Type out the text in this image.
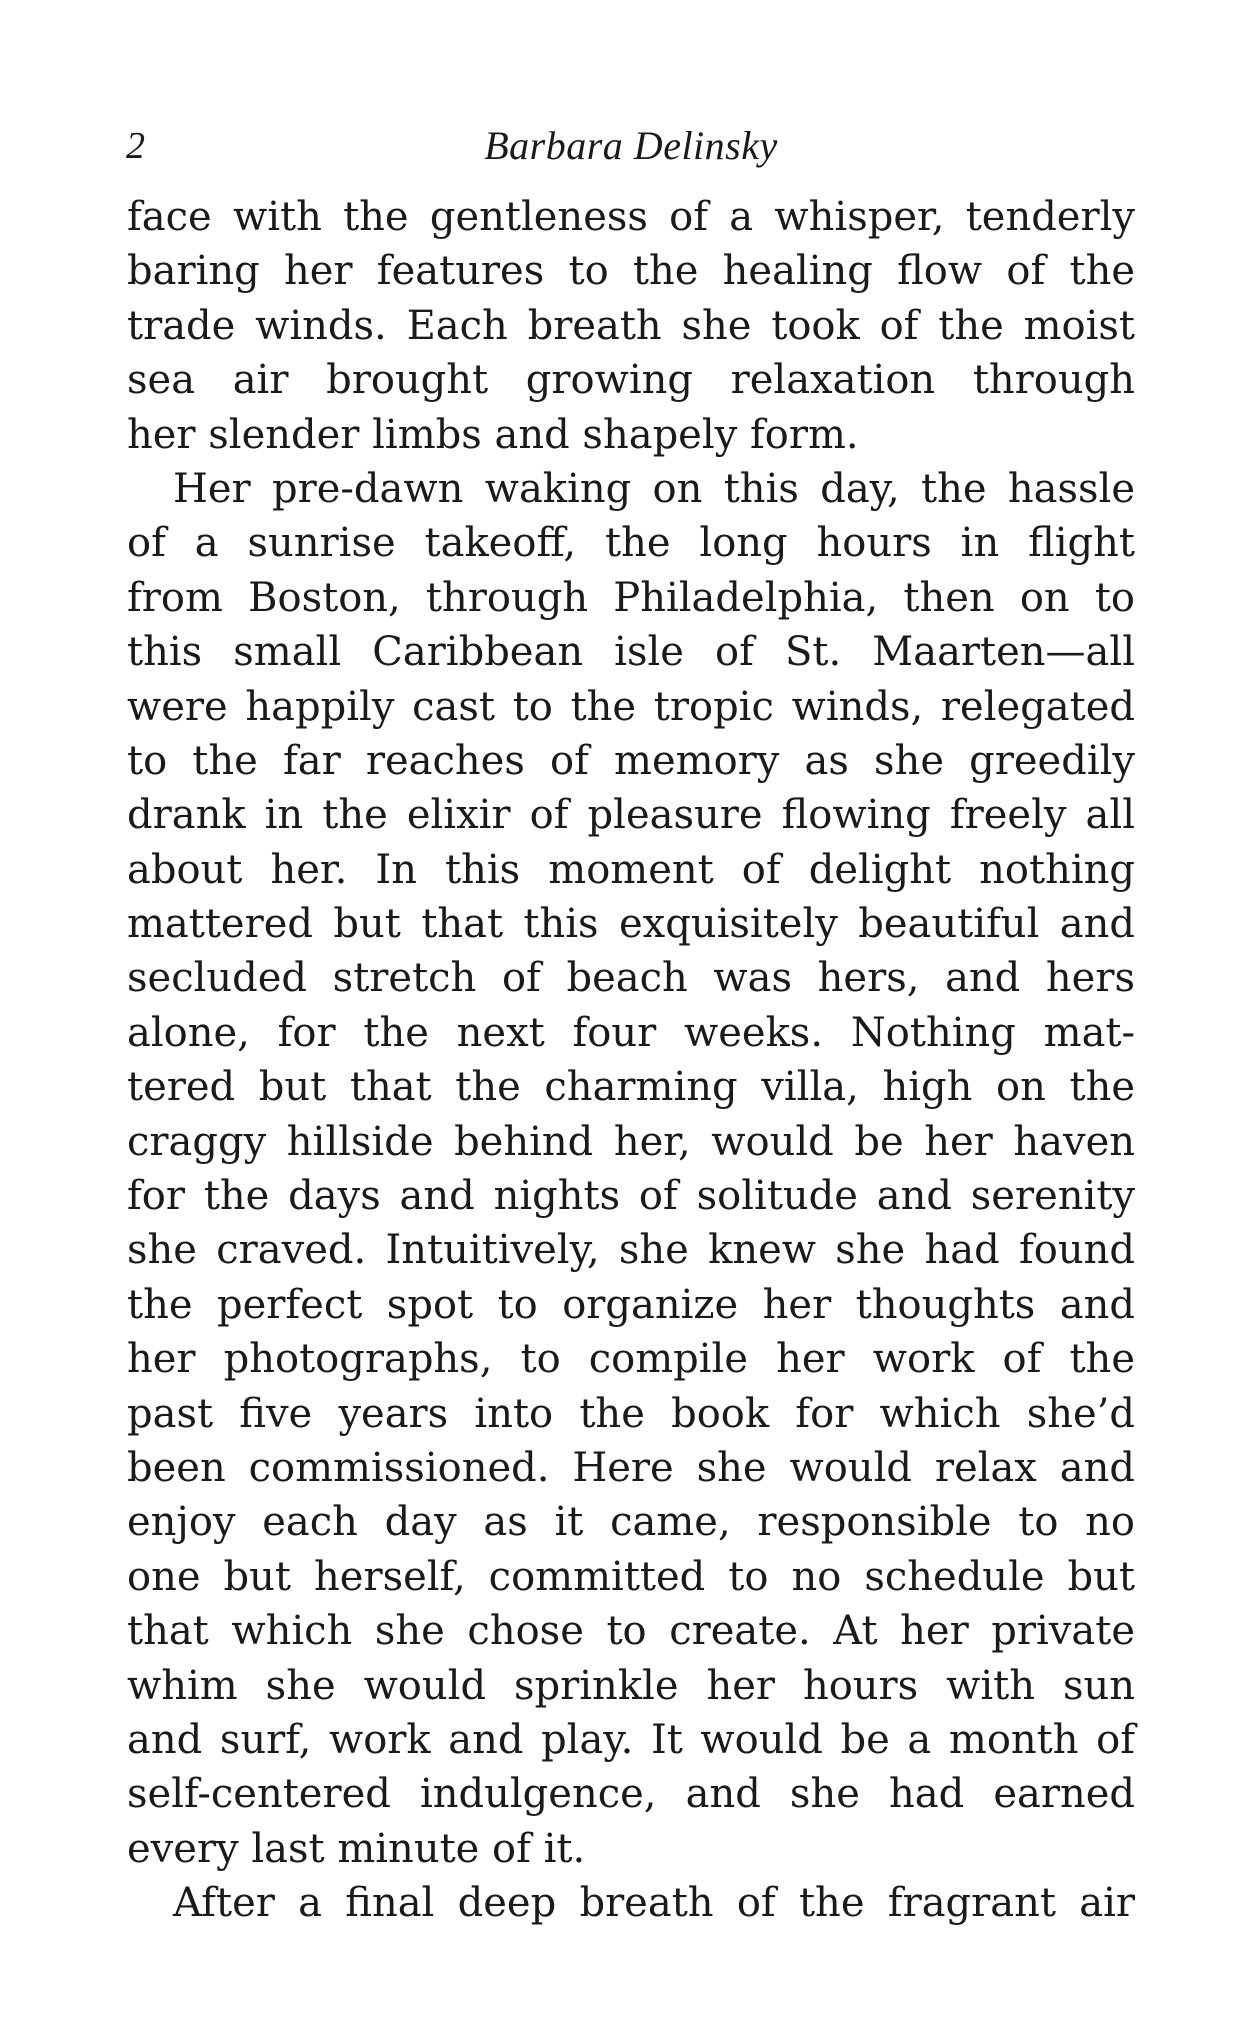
2	Barbara Delinsky
face with the gentleness of a whisper, tenderly
baring her features to the healing flow of the
trade winds. Each breath she took of the moist
sea air brought growing relaxation through
her slender limbs and shapely form.
Her pre-dawn waking on this day, the hassle
of a sunrise takeoff, the long hours in flight
from Boston, through Philadelphia, then on to
this small Caribbean isle of St. Maarten—all
were happily cast to the tropic winds, relegated
to the far reaches of memory as she greedily
drank in the elixir of pleasure flowing freely all
about her. In this moment of delight nothing
mattered but that this exquisitely beautiful and
secluded stretch of beach was hers, and hers
alone, for the next four weeks. Nothing mat-
tered but that the charming villa, high on the
craggy hillside behind her, would be her haven
for the days and nights of solitude and serenity
she craved. Intuitively, she knew she had found
the perfect spot to organize her thoughts and
her photographs, to compile her work of the
past five years into the book for which she’d
been commissioned. Here she would relax and
enjoy each day as it came, responsible to no
one but herself, committed to no schedule but
that which she chose to create. At her private
whim she would sprinkle her hours with sun
and surf, work and play. It would be a month of
self-centered indulgence, and she had earned
every last minute of it.
After a final deep breath of the fragrant air
